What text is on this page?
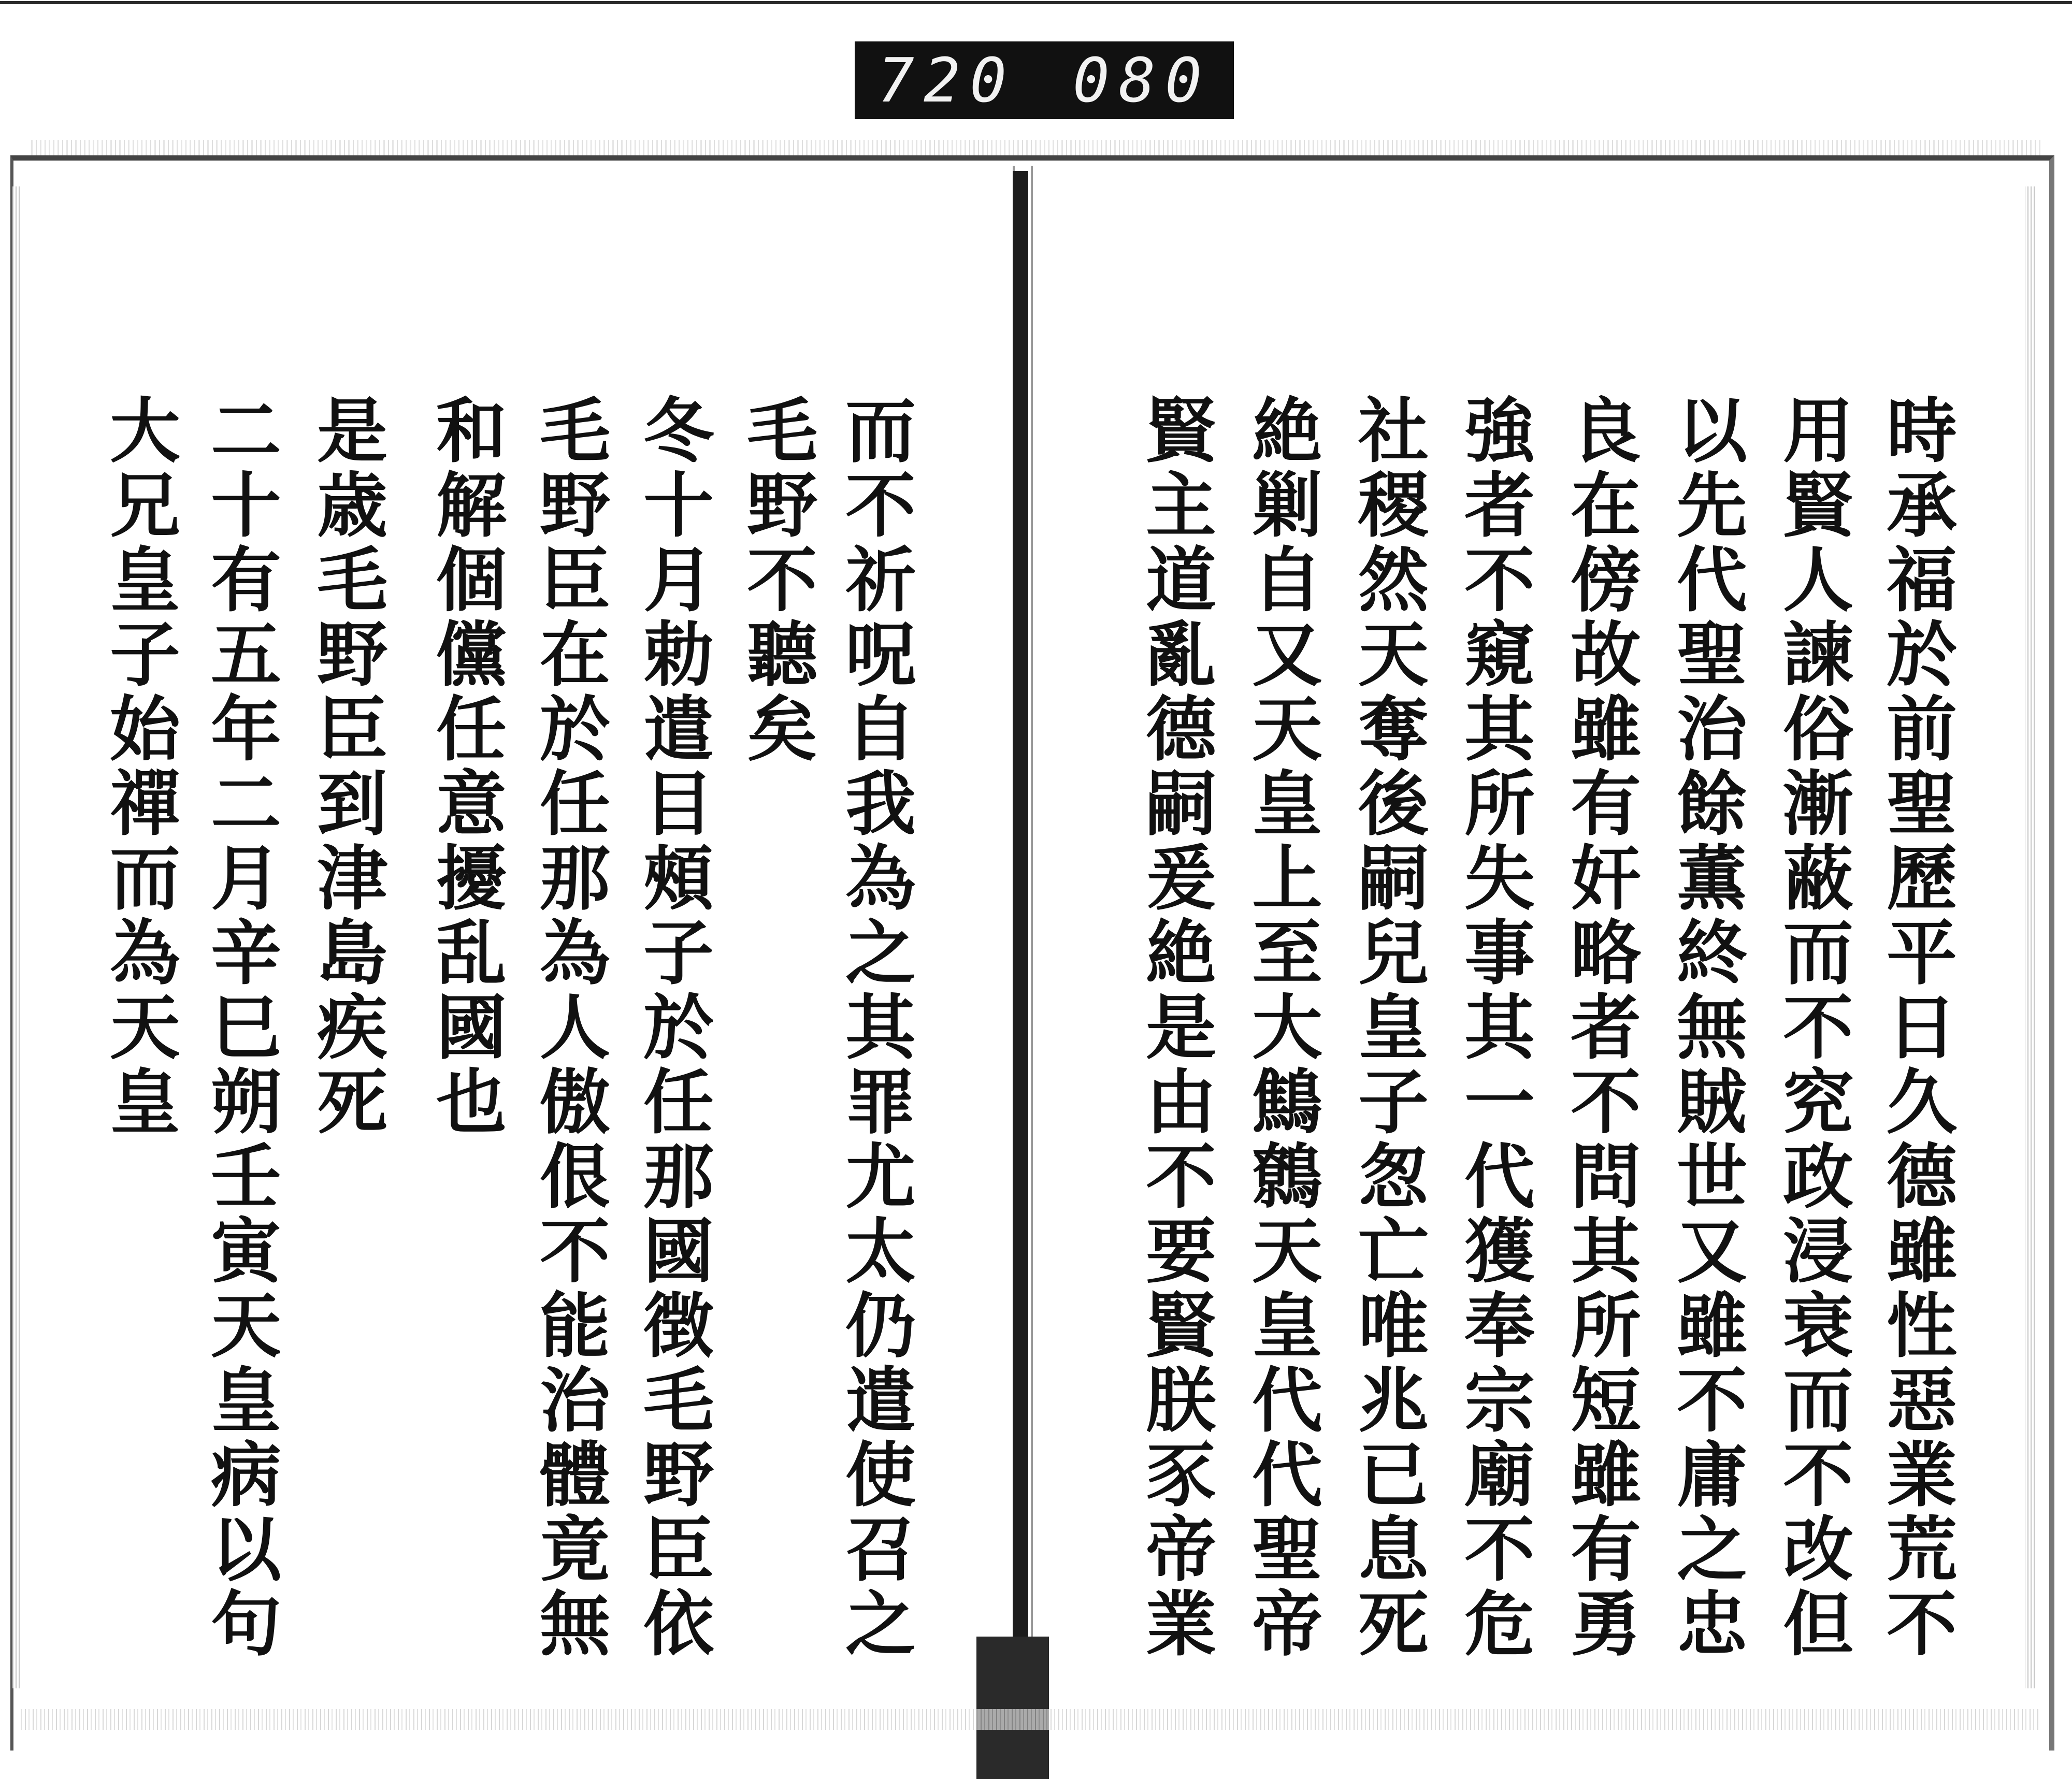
720 080
時承福於前聖歷平日久德雖性惡業荒不
用賢人諫俗漸蔽而不䆓政浸衰而不改但
以先代聖治餘薫終無賊世又雖不庸之忠
良在傍故雖有奸略者不問其所短雖有勇
強者不窺其所失事其一代獲奉宗廟不危
社稷然天奪後嗣兒皇子怱亡唯兆已息死
絶剿自又天皇上至大鷦鷯天皇代代聖帝
賢主道亂德嗣爰絶是由不要賢朕豕帝業
而不祈呪自我為之其罪尤太仍遣使召之
毛野不聽矣
冬十月勅遣目頰子於任那國徴毛野臣依
毛野臣在於任那為人傲佷不能治體竟無
和解個儻任意擾乱國也
是歳毛野臣到津島疾死
二十有五年二月辛巳朔壬寅天皇病以句
大兄皇子始禪而為天皇
